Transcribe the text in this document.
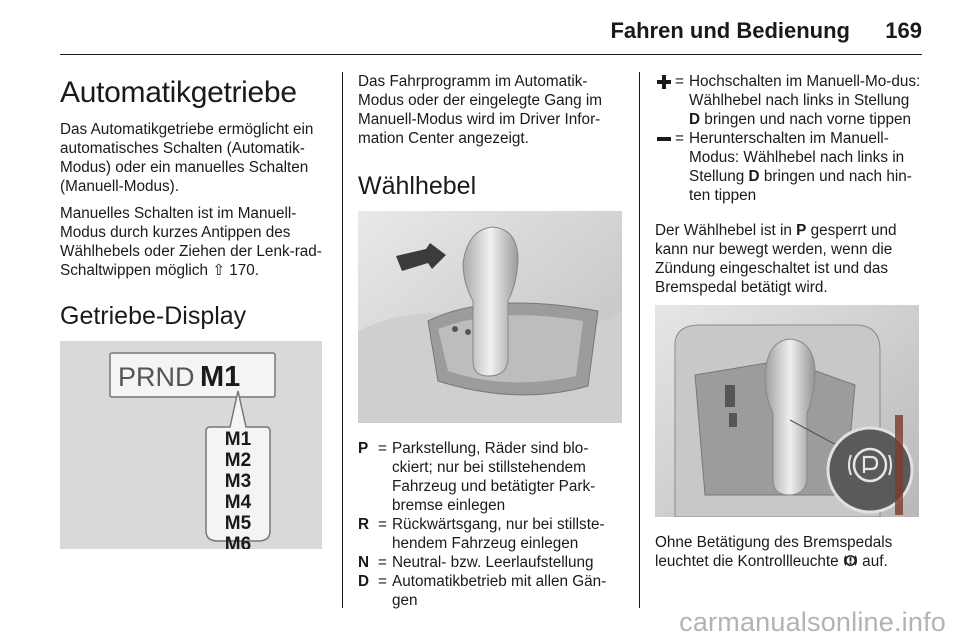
Fahren und Bedienung 169
Automatikgetriebe

Das Automatikgetriebe ermöglicht ein automatisches Schalten (Automatik-Modus) oder ein manuelles Schalten (Manuell-Modus).

Manuelles Schalten ist im Manuell-Modus durch kurzes Antippen des Wählhebels oder Ziehen der Lenk-rad-Schaltwippen möglich ⇧ 170.

Getriebe-Display
PRND M1
M1
M2
M3
M4
M5
M6

Das Fahrprogramm im Automatik-Modus oder der eingelegte Gang im Manuell-Modus wird im Driver Infor-mation Center angezeigt.

Wählhebel
P = Parkstellung, Räder sind blo-ckiert; nur bei stillstehendem Fahrzeug und betätigter Park-bremse einlegen
R = Rückwärtsgang, nur bei stillste-hendem Fahrzeug einlegen
N = Neutral- bzw. Leerlaufstellung
D = Automatikbetrieb mit allen Gän-gen
= Hochschalten im Manuell-Mo-dus: Wählhebel nach links in Stellung D bringen und nach vorne tippen
= Herunterschalten im Manuell-Modus: Wählhebel nach links in Stellung D bringen und nach hin-ten tippen

Der Wählhebel ist in P gesperrt und kann nur bewegt werden, wenn die Zündung eingeschaltet ist und das Bremspedal betätigt wird.

Ohne Betätigung des Bremspedals leuchtet die Kontrollleuchte  auf.

carmanualsonline.info
